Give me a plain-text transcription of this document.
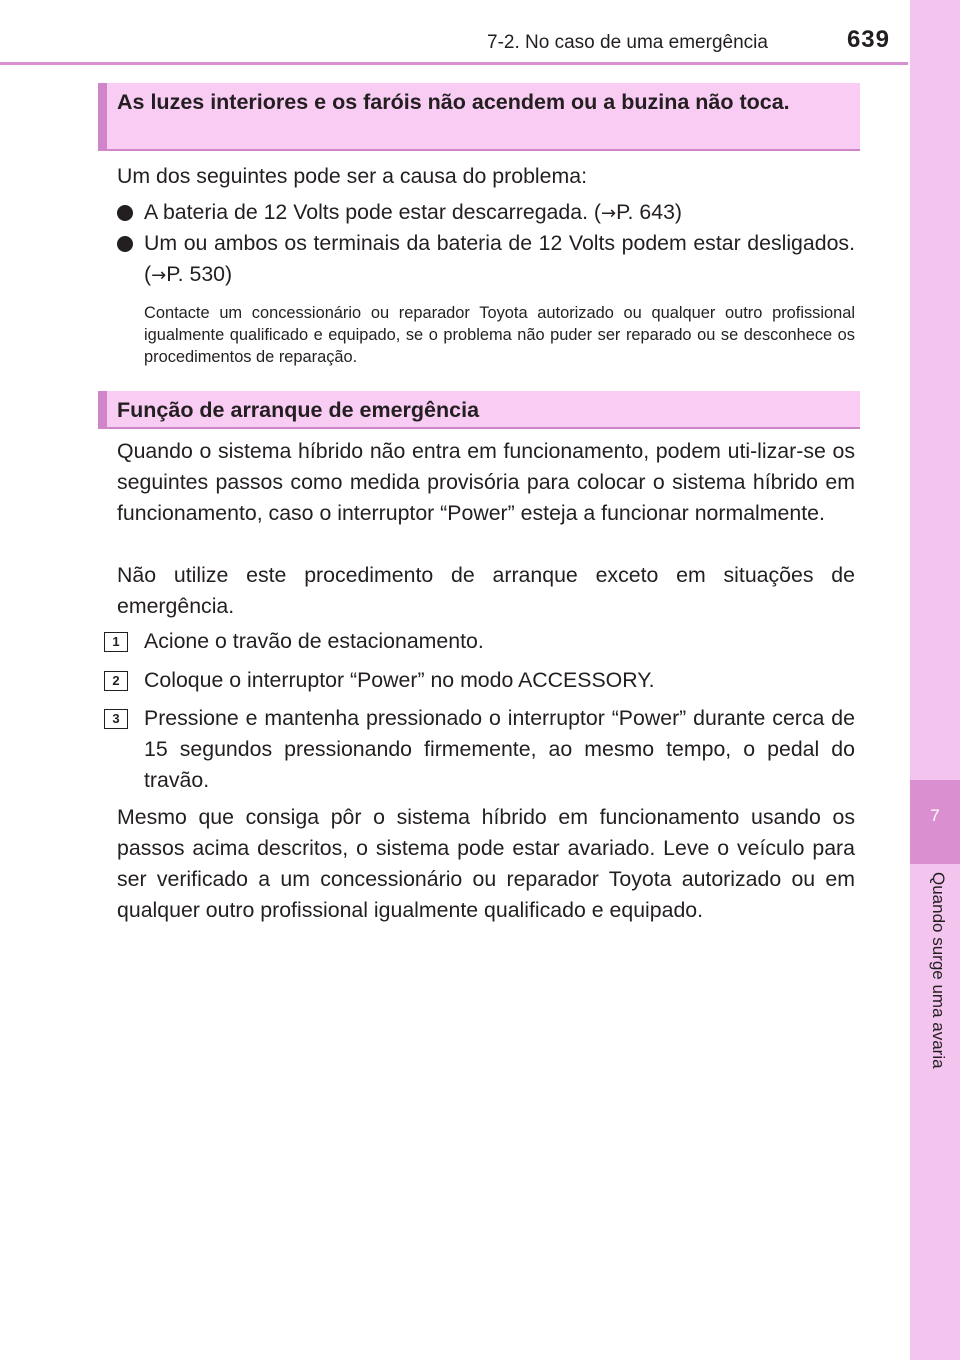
7-2. No caso de uma emergência	639
7
Quando surge uma avaria
As luzes interiores e os faróis não acendem ou a buzina não toca.
Um dos seguintes pode ser a causa do problema:
A bateria de 12 Volts pode estar descarregada. (→P. 643)
Um ou ambos os terminais da bateria de 12 Volts podem estar desligados. (→P. 530)
Contacte um concessionário ou reparador Toyota autorizado ou qualquer outro profissional igualmente qualificado e equipado, se o problema não puder ser reparado ou se desconhece os procedimentos de reparação.
Função de arranque de emergência
Quando o sistema híbrido não entra em funcionamento, podem uti-lizar-se os seguintes passos como medida provisória para colocar o sistema híbrido em funcionamento, caso o interruptor “Power” esteja a funcionar normalmente.
Não utilize este procedimento de arranque exceto em situações de emergência.
1	Acione o travão de estacionamento.
2	Coloque o interruptor “Power” no modo ACCESSORY.
3	Pressione e mantenha pressionado o interruptor “Power” durante cerca de 15 segundos pressionando firmemente, ao mesmo tempo, o pedal do travão.
Mesmo que consiga pôr o sistema híbrido em funcionamento usando os passos acima descritos, o sistema pode estar avariado. Leve o veículo para ser verificado a um concessionário ou reparador Toyota autorizado ou em qualquer outro profissional igualmente qualificado e equipado.
